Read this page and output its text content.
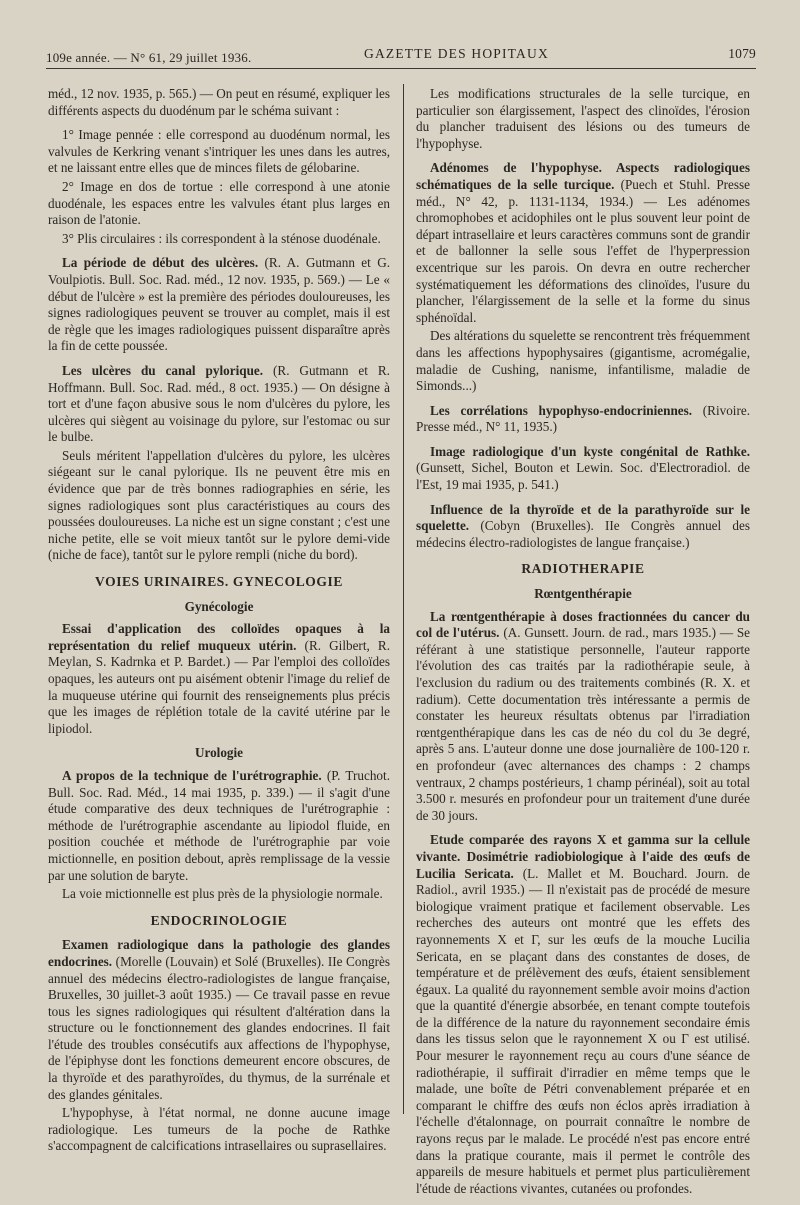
109e année. — N° 61, 29 juillet 1936.	GAZETTE DES HOPITAUX	1079

méd., 12 nov. 1935, p. 565.) — On peut en résumé, expliquer les différents aspects du duodénum par le schéma suivant :

1° Image pennée : elle correspond au duodénum normal, les valvules de Kerkring venant s'intriquer les unes dans les autres, et ne laissant entre elles que de minces filets de gélobarine.

2° Image en dos de tortue : elle correspond à une atonie duodénale, les espaces entre les valvules étant plus larges en raison de l'atonie.

3° Plis circulaires : ils correspondent à la sténose duodénale.

La période de début des ulcères. (R. A. Gutmann et G. Voulpiotis. Bull. Soc. Rad. méd., 12 nov. 1935, p. 569.) — Le « début de l'ulcère » est la première des périodes douloureuses, les signes radiologiques peuvent se trouver au complet, mais il est de règle que les images radiologiques puissent disparaître après la fin de cette poussée.

Les ulcères du canal pylorique. (R. Gutmann et R. Hoffmann. Bull. Soc. Rad. méd., 8 oct. 1935.) — On désigne à tort et d'une façon abusive sous le nom d'ulcères du pylore, les ulcères qui siègent au voisinage du pylore, sur l'estomac ou sur le bulbe.

Seuls méritent l'appellation d'ulcères du pylore, les ulcères siégeant sur le canal pylorique. Ils ne peuvent être mis en évidence que par de très bonnes radiographies en série, les signes radiologiques sont plus caractéristiques au cours des poussées douloureuses. La niche est un signe constant ; c'est une niche petite, elle se voit mieux tantôt sur le pylore demi-vide (niche de face), tantôt sur le pylore rempli (niche du bord).

VOIES URINAIRES. GYNECOLOGIE
Gynécologie

Essai d'application des colloïdes opaques à la représentation du relief muqueux utérin. (R. Gilbert, R. Meylan, S. Kadrnka et P. Bardet.) — Par l'emploi des colloïdes opaques, les auteurs ont pu aisément obtenir l'image du relief de la muqueuse utérine qui fournit des renseignements plus précis que les images de réplétion totale de la cavité utérine par le lipiodol.

Urologie

A propos de la technique de l'urétrographie. (P. Truchot. Bull. Soc. Rad. Méd., 14 mai 1935, p. 339.) — il s'agit d'une étude comparative des deux techniques de l'urétrographie : méthode de l'urétrographie ascendante au lipiodol fluide, en position couchée et méthode de l'urétrographie par voie mictionnelle, en position debout, après remplissage de la vessie par une solution de baryte.

La voie mictionnelle est plus près de la physiologie normale.

ENDOCRINOLOGIE

Examen radiologique dans la pathologie des glandes endocrines. (Morelle (Louvain) et Solé (Bruxelles). IIe Congrès annuel des médecins électro-radiologistes de langue française, Bruxelles, 30 juillet-3 août 1935.) — Ce travail passe en revue tous les signes radiologiques qui résultent d'altération dans la structure ou le fonctionnement des glandes endocrines. Il fait l'étude des troubles consécutifs aux affections de l'hypophyse, de l'épiphyse dont les fonctions demeurent encore obscures, de la thyroïde et des parathyroïdes, du thymus, de la surrénale et des glandes génitales.

L'hypophyse, à l'état normal, ne donne aucune image radiologique. Les tumeurs de la poche de Rathke s'accompagnent de calcifications intrasellaires ou suprasellaires.

Les modifications structurales de la selle turcique, en particulier son élargissement, l'aspect des clinoïdes, l'érosion du plancher traduisent des lésions ou des tumeurs de l'hypophyse.

Adénomes de l'hypophyse. Aspects radiologiques schématiques de la selle turcique. (Puech et Stuhl. Presse méd., N° 42, p. 1131-1134, 1934.) — Les adénomes chromophobes et acidophiles ont le plus souvent leur point de départ intrasellaire et leurs caractères communs sont de grandir et de ballonner la selle sous l'effet de l'hyperpression excentrique sur les parois. On devra en outre rechercher systématiquement les déformations des clinoïdes, l'usure du plancher, l'élargissement de la selle et la forme du sinus sphénoïdal.

Des altérations du squelette se rencontrent très fréquemment dans les affections hypophysaires (gigantisme, acromégalie, maladie de Cushing, nanisme, infantilisme, maladie de Simonds...)

Les corrélations hypophyso-endocriniennes. (Rivoire. Presse méd., N° 11, 1935.)

Image radiologique d'un kyste congénital de Rathke. (Gunsett, Sichel, Bouton et Lewin. Soc. d'Electroradiol. de l'Est, 19 mai 1935, p. 541.)

Influence de la thyroïde et de la parathyroïde sur le squelette. (Cobyn (Bruxelles). IIe Congrès annuel des médecins électro-radiologistes de langue française.)

RADIOTHERAPIE
Rœntgenthérapie

La rœntgenthérapie à doses fractionnées du cancer du col de l'utérus. (A. Gunsett. Journ. de rad., mars 1935.) — Se référant à une statistique personnelle, l'auteur rapporte l'évolution des cas traités par la radiothérapie seule, à l'exclusion du radium ou des traitements combinés (R. X. et radium). Cette documentation très intéressante a permis de constater les heureux résultats obtenus par l'irradiation rœntgenthérapique dans les cas de néo du col du 3e degré, après 5 ans. L'auteur donne une dose journalière de 100-120 r. en profondeur (avec alternances des champs : 2 champs ventraux, 2 champs postérieurs, 1 champ périnéal), soit au total 3.500 r. mesurés en profondeur pour un traitement d'une durée de 30 jours.

Etude comparée des rayons X et gamma sur la cellule vivante. Dosimétrie radiobiologique à l'aide des œufs de Lucilia Sericata. (L. Mallet et M. Bouchard. Journ. de Radiol., avril 1935.) — Il n'existait pas de procédé de mesure biologique vraiment pratique et facilement observable. Les recherches des auteurs ont montré que les effets des rayonnements X et Γ, sur les œufs de la mouche Lucilia Sericata, en se plaçant dans des constantes de doses, de température et de prélèvement des œufs, étaient sensiblement égaux. La qualité du rayonnement semble avoir moins d'action que la quantité d'énergie absorbée, en tenant compte toutefois de la différence de la nature du rayonnement secondaire émis dans les tissus selon que le rayonnement X ou Γ est utilisé. Pour mesurer le rayonnement reçu au cours d'une séance de radiothérapie, il suffirait d'irradier en même temps que le malade, une boîte de Pétri convenablement préparée et en comparant le chiffre des œufs non éclos après irradiation à l'échelle d'étalonnage, on pourrait connaître le nombre de rayons reçus par le malade. Le procédé n'est pas encore entré dans la pratique courante, mais il permet le contrôle des appareils de mesure habituels et permet plus particulièrement l'étude de réactions vivantes, cutanées ou profondes.
